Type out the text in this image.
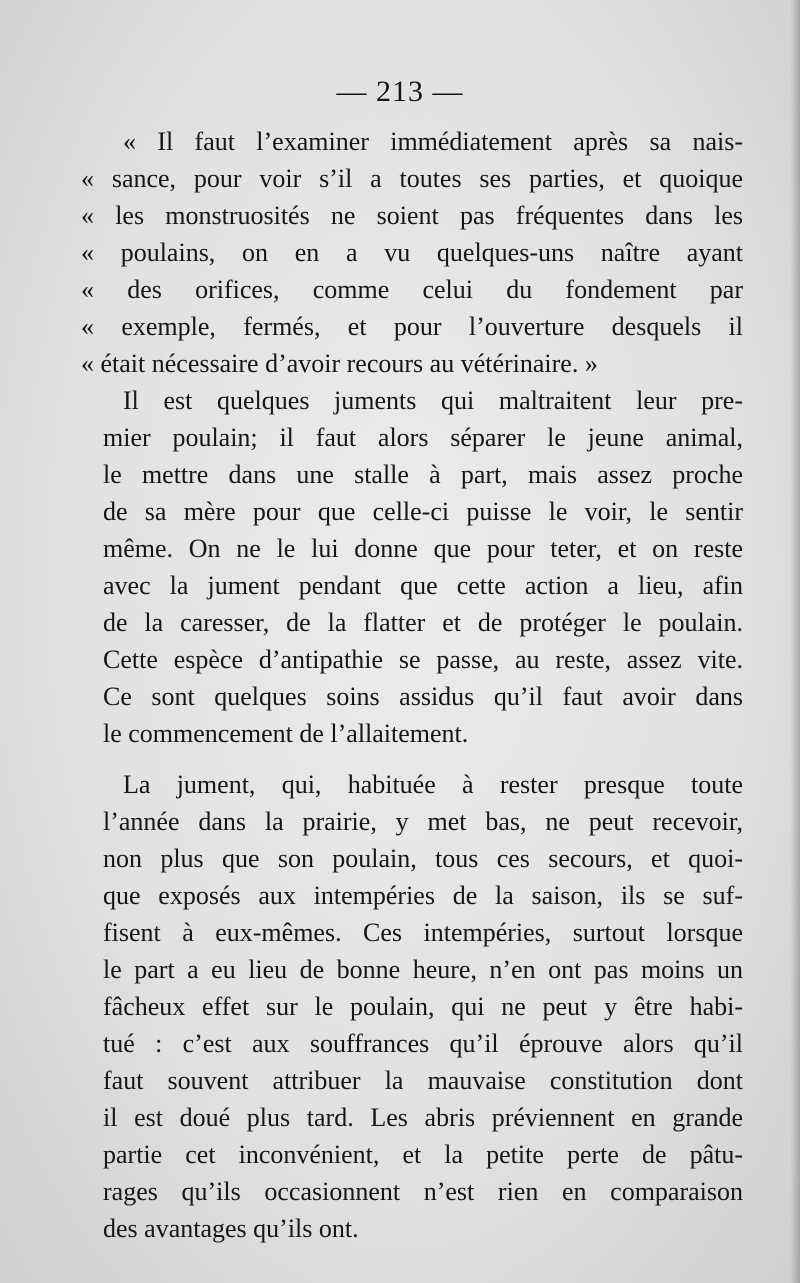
— 213 —
« Il faut l’examiner immédiatement après sa nais-
« sance, pour voir s’il a toutes ses parties, et quoique
« les monstruosités ne soient pas fréquentes dans les
« poulains, on en a vu quelques-uns naître ayant
« des orifices, comme celui du fondement par
« exemple, fermés, et pour l’ouverture desquels il
« était nécessaire d’avoir recours au vétérinaire. »
Il est quelques juments qui maltraitent leur pre-
mier poulain; il faut alors séparer le jeune animal,
le mettre dans une stalle à part, mais assez proche
de sa mère pour que celle-ci puisse le voir, le sentir
même. On ne le lui donne que pour teter, et on reste
avec la jument pendant que cette action a lieu, afin
de la caresser, de la flatter et de protéger le poulain.
Cette espèce d’antipathie se passe, au reste, assez vite.
Ce sont quelques soins assidus qu’il faut avoir dans
le commencement de l’allaitement.
La jument, qui, habituée à rester presque toute
l’année dans la prairie, y met bas, ne peut recevoir,
non plus que son poulain, tous ces secours, et quoi-
que exposés aux intempéries de la saison, ils se suf-
fisent à eux-mêmes. Ces intempéries, surtout lorsque
le part a eu lieu de bonne heure, n’en ont pas moins un
fâcheux effet sur le poulain, qui ne peut y être habi-
tué : c’est aux souffrances qu’il éprouve alors qu’il
faut souvent attribuer la mauvaise constitution dont
il est doué plus tard. Les abris préviennent en grande
partie cet inconvénient, et la petite perte de pâtu-
rages qu’ils occasionnent n’est rien en comparaison
des avantages qu’ils ont.
